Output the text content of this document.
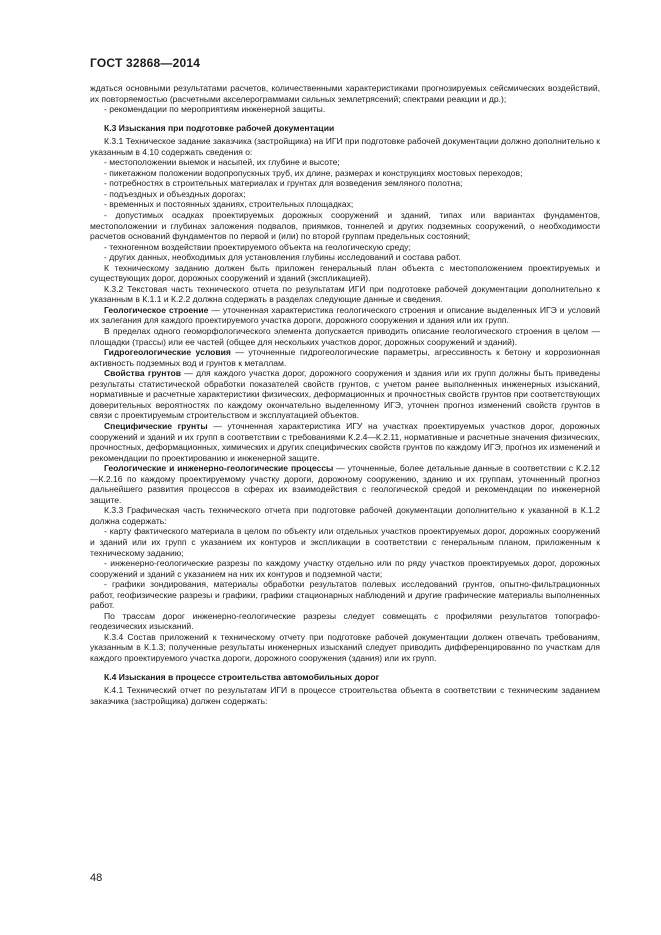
ГОСТ 32868—2014

ждаться основными результатами расчетов, количественными характеристиками прогнозируемых сейсмических воздействий, их повторяемостью (расчетными акселерограммами сильных землетрясений; спектрами реакции и др.);

- рекомендации по мероприятиям инженерной защиты.

К.3 Изыскания при подготовке рабочей документации

К.3.1 Техническое задание заказчика (застройщика) на ИГИ при подготовке рабочей документации должно дополнительно к указанным в 4.10 содержать сведения о:

- местоположении выемок и насыпей, их глубине и высоте;

- пикетажном положении водопропускных труб, их длине, размерах и конструкциях мостовых переходов;

- потребностях в строительных материалах и грунтах для возведения земляного полотна;

- подъездных и объездных дорогах;

- временных и постоянных зданиях, строительных площадках;

- допустимых осадках проектируемых дорожных сооружений и зданий, типах или вариантах фундаментов, местоположении и глубинах заложения подвалов, приямков, тоннелей и других подземных сооружений, о необходимости расчетов оснований фундаментов по первой и (или) по второй группам предельных состояний;

- техногенном воздействии проектируемого объекта на геологическую среду;

- других данных, необходимых для установления глубины исследований и состава работ.

К техническому заданию должен быть приложен генеральный план объекта с местоположением проектируемых и существующих дорог, дорожных сооружений и зданий (экспликацией).

К.3.2 Текстовая часть технического отчета по результатам ИГИ при подготовке рабочей документации дополнительно к указанным в К.1.1 и К.2.2 должна содержать в разделах следующие данные и сведения.

Геологическое строение — уточненная характеристика геологического строения и описание выделенных ИГЭ и условий их залегания для каждого проектируемого участка дороги, дорожного сооружения и здания или их групп.

В пределах одного геоморфологического элемента допускается приводить описание геологического строения в целом — площадки (трассы) или ее частей (общее для нескольких участков дорог, дорожных сооружений и зданий).

Гидрогеологические условия — уточненные гидрогеологические параметры, агрессивность к бетону и коррозионная активность подземных вод и грунтов к металлам.

Свойства грунтов — для каждого участка дорог, дорожного сооружения и здания или их групп должны быть приведены результаты статистической обработки показателей свойств грунтов, с учетом ранее выполненных инженерных изысканий, нормативные и расчетные характеристики физических, деформационных и прочностных свойств грунтов при соответствующих доверительных вероятностях по каждому окончательно выделенному ИГЭ, уточнен прогноз изменений свойств грунтов в связи с проектируемым строительством и эксплуатацией объектов.

Специфические грунты — уточненная характеристика ИГУ на участках проектируемых участков дорог, дорожных сооружений и зданий и их групп в соответствии с требованиями К.2.4—К.2.11, нормативные и расчетные значения физических, прочностных, деформационных, химических и других специфических свойств грунтов по каждому ИГЭ, прогноз их изменений и рекомендации по проектированию и инженерной защите.

Геологические и инженерно-геологические процессы — уточненные, более детальные данные в соответствии с К.2.12—К.2.16 по каждому проектируемому участку дороги, дорожному сооружению, зданию и их группам, уточненный прогноз дальнейшего развития процессов в сферах их взаимодействия с геологической средой и рекомендации по инженерной защите.

К.3.3 Графическая часть технического отчета при подготовке рабочей документации дополнительно к указанной в К.1.2 должна содержать:

- карту фактического материала в целом по объекту или отдельных участков проектируемых дорог, дорожных сооружений и зданий или их групп с указанием их контуров и экспликации в соответствии с генеральным планом, приложенным к техническому заданию;

- инженерно-геологические разрезы по каждому участку отдельно или по ряду участков проектируемых дорог, дорожных сооружений и зданий с указанием на них их контуров и подземной части;

- графики зондирования, материалы обработки результатов полевых исследований грунтов, опытно-фильтрационных работ, геофизические разрезы и графики, графики стационарных наблюдений и другие графические материалы выполненных работ.

По трассам дорог инженерно-геологические разрезы следует совмещать с профилями результатов топографо-геодезических изысканий.

К.3.4 Состав приложений к техническому отчету при подготовке рабочей документации должен отвечать требованиям, указанным в К.1.3; полученные результаты инженерных изысканий следует приводить дифференцированно по участкам для каждого проектируемого участка дороги, дорожного сооружения (здания) или их групп.

К.4 Изыскания в процессе строительства автомобильных дорог

К.4.1 Технический отчет по результатам ИГИ в процессе строительства объекта в соответствии с техническим заданием заказчика (застройщика) должен содержать:

48
